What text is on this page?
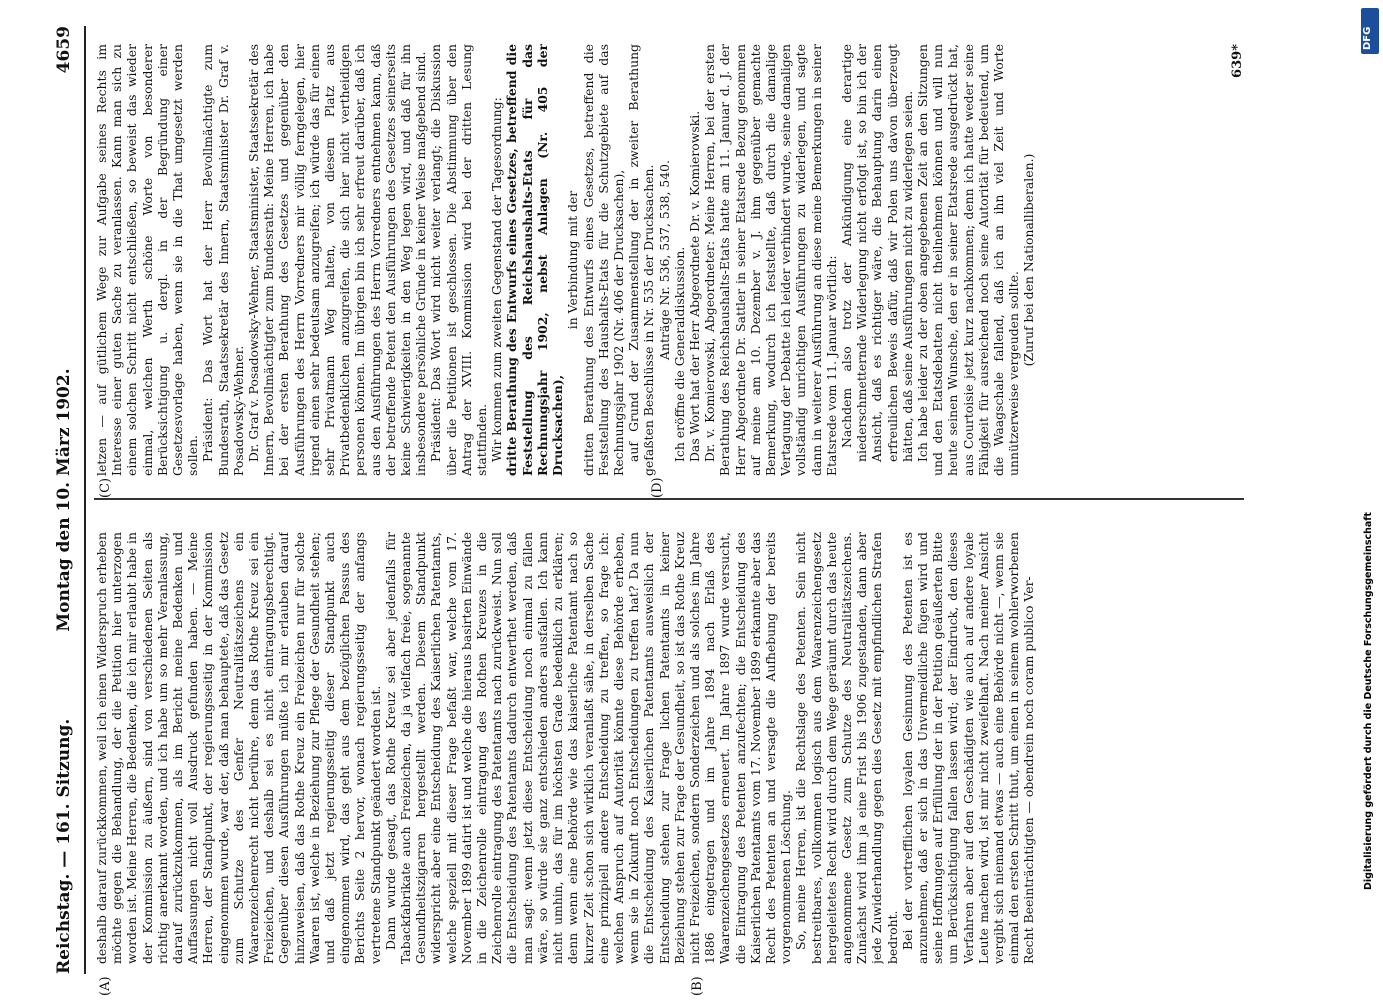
Reichstag. — 161. Sitzung.
Montag den 10. März 1902.
4659
(A)	(B)
(C)	(D)

deshalb darauf zurückkommen, weil ich einen Widerspruch erheben möchte gegen die Behandlung, der die Petition hier unterzogen worden ist. Meine Herren, die Bedenken, die ich mir erlaubt habe in der Kommission zu äußern, sind von verschiedenen Seiten als richtig anerkannt worden, und ich habe um so mehr Veranlassung, darauf zurückzukommen, als im Bericht meine Bedenken und Auffassungen nicht voll Ausdruck gefunden haben. — Meine Herren, der Standpunkt, der regierungsseitig in der Kommission eingenommen wurde, war der, daß man behauptete, daß das Gesetz zum Schutze des Genfer Neutralitätszeichens ein Waarenzeichenrecht nicht berühre, denn das Rothe Kreuz sei ein Freizeichen, und deshalb sei es nicht eintragungsberechtigt. Gegenüber diesen Ausführungen müßte ich mir erlauben darauf hinzuweisen, daß das Rothe Kreuz ein Freizeichen nur für solche Waaren ist, welche in Beziehung zur Pflege der Gesundheit stehen; und daß jetzt regierungsseitig dieser Standpunkt auch eingenommen wird, das geht aus dem bezüglichen Passus des Berichts Seite 2 hervor, wonach regierungsseitig der anfangs vertretene Standpunkt geändert worden ist. Dann wurde gesagt, das Rothe Kreuz sei aber jedenfalls für Tabackfabrikate auch Freizeichen, da ja vielfach freie, sogenannte Gesundheitszigarren hergestellt werden. Diesem Standpunkt widerspricht aber eine Entscheidung des Kaiserlichen Patentamts, welche speziell mit dieser Frage befaßt war, welche vom 17. November 1899 datirt ist und welche die hieraus basirten Einwände in die Zeichenrolle eintragung des Rothen Kreuzes in die Zeichenrolle eintragung des Patentamts nach zurückweist. Nun soll die Entscheidung des Patentamts dadurch entwerthet werden, daß man sagt: wenn jetzt diese Entscheidung noch einmal zu fällen wäre, so würde sie ganz entschieden anders ausfallen. Ich kann nicht umhin, das für im höchsten Grade bedenklich zu erklären; denn wenn eine Behörde wie das kaiserliche Patentamt nach so kurzer Zeit schon sich wirklich veranlaßt sähe, in derselben Sache eine prinzipiell andere Entscheidung zu treffen, so frage ich: welchen Anspruch auf Autorität könnte diese Behörde erheben, wenn sie in Zukunft noch Entscheidungen zu treffen hat? Da nun die Entscheidung des Kaiserlichen Patentamts ausweislich der Entscheidung stehen zur Frage lichen Patentamts in keiner Beziehung stehen zur Frage der Gesundheit, so ist das Rothe Kreuz nicht Freizeichen, sondern Sonderzeichen und als solches im Jahre 1886 eingetragen und im Jahre 1894 nach Erlaß des Waarenzeichengesetzes erneuert. Im Jahre 1897 wurde versucht, die Eintragung des Petenten anzufechten; die Entscheidung des Kaiserlichen Patentamts vom 17. November 1899 erkannte aber das Recht des Petenten an und versagte die Aufhebung der bereits vorgenommenen Löschung. So, meine Herren, ist die Rechtslage des Petenten. Sein nicht bestreitbares, vollkommen logisch aus dem Waarenzeichengesetz hergeleitetes Recht wird durch dem Wege geräumt durch das heute angenommene Gesetz zum Schutze des Neutralitätszeichens. Zunächst wird ihm ja eine Frist bis 1906 zugestanden, dann aber jede Zuwiderhandlung gegen dies Gesetz mit empfindlichen Strafen bedroht. Bei der vortrefflichen loyalen Gesinnung des Petenten ist es anzunehmen, daß er sich in das Unvermeidliche fügen wird und seine Hoffnungen auf Erfüllung der in der Petition geäußerten Bitte um Berücksichtigung fallen lassen wird; der Eindruck, den dieses Verfahren aber auf den Geschädigten wie auch auf andere loyale Leute machen wird, ist mir nicht zweifelhaft. Nach meiner Ansicht vergibt sich niemand etwas — auch eine Behörde nicht —, wenn sie einmal den ersten Schritt thut, um einen in seinem wohlerworbenen Recht Beeinträchtigten — obendrein noch coram publico Ver-

letzen — auf gütlichem Wege zur Aufgabe seines Rechts im Interesse einer guten Sache zu veranlassen. Kann man sich zu einem solchen Schritt nicht entschließen, so beweist das wieder einmal, welchen Werth schöne Worte von besonderer Berücksichtigung u. dergl. in der Begründung einer Gesetzesvorlage haben, wenn sie in die That umgesetzt werden sollen. Präsident: Das Wort hat der Herr Bevollmächtigte zum Bundesrath, Staatssekretär des Innern, Staatsminister Dr. Graf v. Posadowsky-Wehner. Dr. Graf v. Posadowsky-Wehner, Staatsminister, Staatssekretär des Innern, Bevollmächtigter zum Bundesrath: Meine Herren, ich habe bei der ersten Berathung des Gesetzes und gegenüber den Ausführungen des Herrn Vorredners mir völlig ferngelegen, hier irgend einen sehr bedeutsam anzugreifen; ich würde das für einen sehr Privatmann Weg halten, von diesem Platz aus Privatbedenklichen anzugreifen, die sich hier nicht vertheidigen personen können. Im übrigen bin ich sehr erfreut darüber, daß ich aus den Ausführungen des Herrn Vorredners entnehmen kann, daß der betreffende Petent den Ausführungen des Gesetzes seinerseits keine Schwierigkeiten in den Weg legen wird, und daß für ihn insbesondere persönliche Gründe in keiner Weise maßgebend sind. Präsident: Das Wort wird nicht weiter verlangt; die Diskussion über die Petitionen ist geschlossen. Die Abstimmung über den Antrag der XVIII. Kommission wird bei der dritten Lesung stattfinden. Wir kommen zum zweiten Gegenstand der Tagesordnung: dritte Berathung des Entwurfs eines Gesetzes, betreffend die Feststellung des Reichshaushalts-Etats für das Rechnungsjahr 1902, nebst Anlagen (Nr. 405 der Drucksachen),

in Verbindung mit der dritten Berathung des Entwurfs eines Gesetzes, betreffend die Feststellung des Haushalts-Etats für die Schutzgebiete auf das Rechnungsjahr 1902 (Nr. 406 der Drucksachen), auf Grund der Zusammenstellung der in zweiter Berathung gefaßten Beschlüsse in Nr. 535 der Drucksachen. Anträge Nr. 536, 537, 538, 540. Ich eröffne die Generaldiskussion. Das Wort hat der Herr Abgeordnete Dr. v. Komierowski. Dr. v. Komierowski, Abgeordneter: Meine Herren, bei der ersten Berathung des Reichshaushalts-Etats hatte am 11. Januar d. J. der Herr Abgeordnete Dr. Sattler in seiner Etatsrede Bezug genommen auf meine am 10. Dezember v. J. ihm gegenüber gemachte Bemerkung, wodurch ich feststellte, daß durch die damalige Vertagung der Debatte ich leider verhindert wurde, seine damaligen vollständig unrichtigen Ausführungen zu widerlegen, und sagte dann in weiterer Ausführung an diese meine Bemerkungen in seiner Etatsrede vom 11. Januar wörtlich: Nachdem also trotz der Ankündigung eine derartige niederschmetternde Widerlegung nicht erfolgt ist, so bin ich der Ansicht, daß es richtiger wäre, die Behauptung darin einen erfreulichen Beweis dafür, daß wir Polen uns davon überzeugt hätten, daß seine Ausführungen nicht zu widerlegen seien. Ich habe leider zu der oben angegebenen Zeit an den Sitzungen und den Etatsdebatten nicht theilnehmen können und will nun heute seinen Wunsche, den er in seiner Etatsrede ausgedrückt hat, aus Courtoisie jetzt kurz nachkommen; denn ich hatte weder seine Fähigkeit für ausreichend noch seine Autorität für bedeutend, um die Waagschale fallend, daß ich an ihn viel Zeit und Worte unnützerweise vergeuden sollte.

(Zuruf bei den Nationalliberalen.)

639*
DFG
Digitalisierung gefördert durch die Deutsche Forschungsgemeinschaft
